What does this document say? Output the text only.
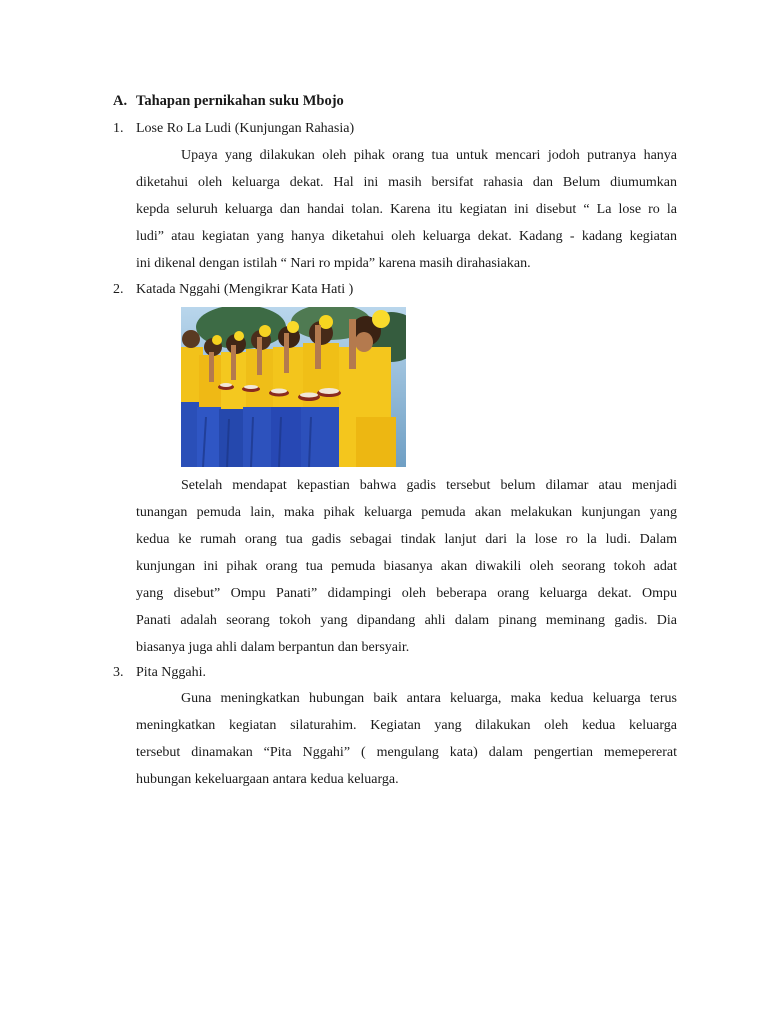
A. Tahapan pernikahan suku Mbojo
1. Lose Ro La Ludi (Kunjungan Rahasia)
Upaya yang dilakukan oleh pihak orang tua untuk mencari jodoh putranya hanya
diketahui oleh keluarga dekat. Hal ini masih bersifat rahasia dan Belum diumumkan
kepda seluruh keluarga dan handai tolan. Karena itu kegiatan ini disebut “ La lose ro la
ludi” atau kegiatan yang hanya diketahui oleh keluarga dekat. Kadang - kadang kegiatan
ini dikenal dengan istilah “ Nari ro mpida” karena masih dirahasiakan.
2. Katada Nggahi (Mengikrar Kata Hati )
Setelah mendapat kepastian bahwa gadis tersebut belum dilamar atau menjadi
tunangan pemuda lain, maka pihak keluarga pemuda akan melakukan kunjungan yang
kedua ke rumah orang tua gadis sebagai tindak lanjut dari la lose ro la ludi. Dalam
kunjungan ini pihak orang tua pemuda biasanya akan diwakili oleh seorang tokoh adat
yang disebut” Ompu Panati” didampingi oleh beberapa orang keluarga dekat. Ompu
Panati adalah seorang tokoh yang dipandang ahli dalam pinang meminang gadis. Dia
biasanya juga ahli dalam berpantun dan bersyair.
3. Pita Nggahi.
Guna meningkatkan hubungan baik antara keluarga, maka kedua keluarga terus
meningkatkan kegiatan silaturahim. Kegiatan yang dilakukan oleh kedua keluarga
tersebut dinamakan “Pita Nggahi” ( mengulang kata) dalam pengertian memepererat
hubungan kekeluargaan antara kedua keluarga.
